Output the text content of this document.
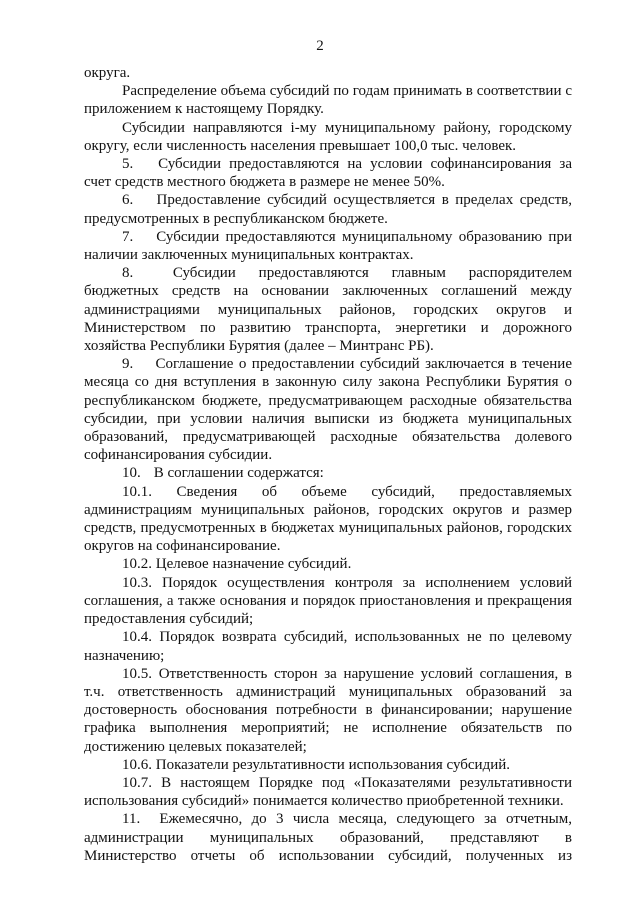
2

округа.

Распределение объема субсидий по годам принимать в соответствии с приложением к настоящему Порядку.

Субсидии направляются i-му муниципальному району, городскому округу, если численность населения превышает 100,0 тыс. человек.

5. Субсидии предоставляются на условии софинансирования за счет средств местного бюджета в размере не менее 50%.

6. Предоставление субсидий осуществляется в пределах средств, предусмотренных в республиканском бюджете.

7. Субсидии предоставляются муниципальному образованию при наличии заключенных муниципальных контрактах.

8.	Субсидии предоставляются главным распорядителем бюджетных средств на основании заключенных соглашений между администрациями муниципальных районов, городских округов и Министерством по развитию транспорта, энергетики и дорожного хозяйства Республики Бурятия (далее – Минтранс РБ).

9. Соглашение о предоставлении субсидий заключается в течение месяца со дня вступления в законную силу закона Республики Бурятия о республиканском бюджете, предусматривающем расходные обязательства субсидии, при условии наличия выписки из бюджета муниципальных образований, предусматривающей расходные обязательства долевого софинансирования субсидии.

10. В соглашении содержатся:

10.1. Сведения об объеме субсидий, предоставляемых администрациям муниципальных районов, городских округов и размер средств, предусмотренных в бюджетах муниципальных районов, городских округов на софинансирование.

10.2. Целевое назначение субсидий.

10.3. Порядок осуществления контроля за исполнением условий соглашения, а также основания и порядок приостановления и прекращения предоставления субсидий;

10.4. Порядок возврата субсидий, использованных не по целевому назначению;

10.5. Ответственность сторон за нарушение условий соглашения, в т.ч. ответственность администраций муниципальных образований за достоверность обоснования потребности в финансировании; нарушение графика выполнения мероприятий; не исполнение обязательств по достижению целевых показателей;

10.6. Показатели результативности использования субсидий.

10.7. В настоящем Порядке под «Показателями результативности использования субсидий» понимается количество приобретенной техники.

11. Ежемесячно, до 3 числа месяца, следующего за отчетным, администрации муниципальных образований, представляют в Министерство отчеты об использовании субсидий, полученных из
